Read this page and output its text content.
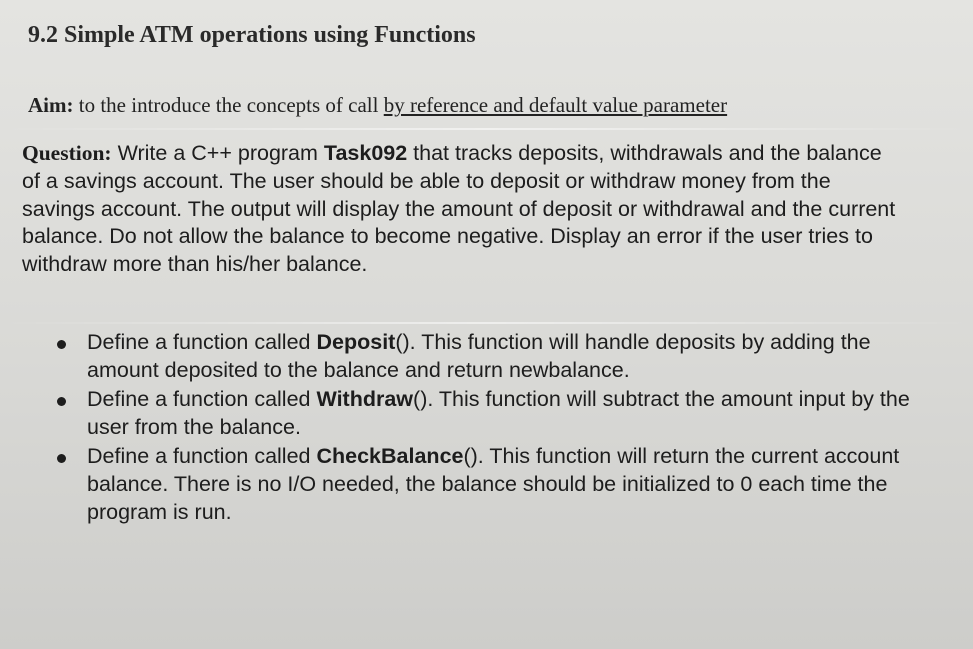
9.2 Simple ATM operations using Functions

Aim: to the introduce the concepts of call by reference and default value parameter

Question: Write a C++ program Task092 that tracks deposits, withdrawals and the balance of a savings account. The user should be able to deposit or withdraw money from the savings account. The output will display the amount of deposit or withdrawal and the current balance. Do not allow the balance to become negative. Display an error if the user tries to withdraw more than his/her balance.

Define a function called Deposit(). This function will handle deposits by adding the amount deposited to the balance and return newbalance.
Define a function called Withdraw(). This function will subtract the amount input by the user from the balance.
Define a function called CheckBalance(). This function will return the current account balance. There is no I/O needed, the balance should be initialized to 0 each time the program is run.
